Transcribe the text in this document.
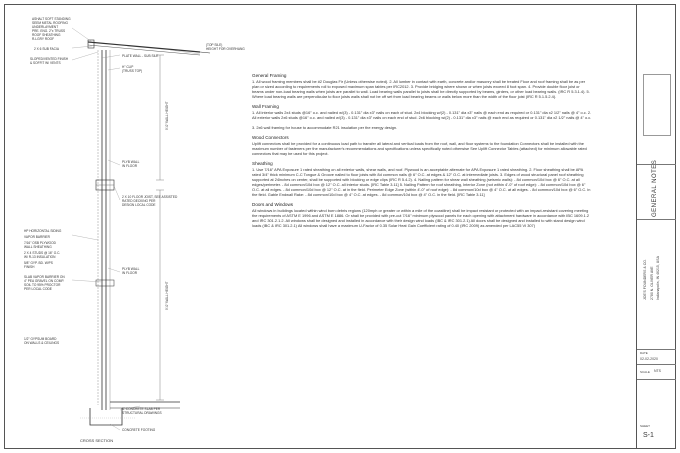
ASHALT SOFT STANDING
SEEM METAL ROOFING
UNDERLAYMENT
PRE. ENG. 2"x TRUSS
ROOF SHEATHING
R-LGRY ROOF
2 X 6 SUB FACIA
SLOPED/VENTED FINISH
& SOFFIT W/ VENTS
PLATE WALL - SUB SILE
H" CLIP
(TRUSS TOP)
(TOP SILE)
HEIGHT FOR OVERHANG
9'-0" WALL HEIGHT
9'-0" WALL HEIGHT
PLYB WALL
IN FLOOR
2 X 10 FLOOR JOIST, SEE ASSISTED
RATED DECKING PER
DESIGN LOCAL CODE
HP HORIZONTAL SIDING
VAPOR BARRIER
7/16" OSB PLYWOOD
WALL SHEATHING
2 X 4 STUDS @ 16" O.C.
W/ R-13 INSULATION
5/8" GYP. BD. W/PS
FINISH	PLYB WALL
IN FLOOR
SLAB VAPOR BARRIER ON
4" PEA GRAVEL ON COMP.
SOIL TO 95% PROCTOR
PER LOCAL CODE
1/2" GYPSUM BOARD
ON WALLS & CEILINGS
8" CONCRETE SLAB PER
STRUCTURAL DRAWINGS
CONCRETE FOOTING
CROSS SECTION
General Framing

1. All wood framing members shall be #2 Douglas Fir (Unless otherwise noted). 2. All lumber in contact with earth, concrete and/or masonry shall be treated Floor and roof framing shall be as per plan or sized according to requirements roll to exposed maximum span tables per IRC2012. 3. Provide bridging where shown or when joists exceed 8 foot span. 4. Provide double floor joist or beams under non-load bearing walls when joists are parallel to wall. Load bearing walls parallel to joists shall be directly supported by beams, girders, or other load bearing walls. (IRC R 5.3.1.4). 5. Where load bearing walls are perpendicular to floor joists walls shall not be off set from load bearing beams or walls below more than the width of the floor joist (IRC R 5.1.5.2.4).

Wall Framing

1. All interior walls 2x4 studs @16" o.c. and nailed w/(3) - 0.131" dia x3" nails on each of stud. 2x4 blocking w/(2) - 0.131" dia x3" nails @ each end as required or 0.131" dia x2 1/2" nails @ 4" o.c. 2. All exterior walls 2x6 studs @16" o.c. and nailed w/(3) - 0.131" dia x3" nails on each end of stud. 2x6 blocking w/(2) - 0.131" dia x3" nails @ each end as required or 0.131" dia x2 1/2" nails @ 4" o.c.

3. 2x6 wall framing for house to accommodate R21 insulation per the energy design.

Wood Connectors

Uplift connectors shall be provided for a continuous load path to transfer all lateral and vertical loads from the roof, wall, and floor systems to the foundation Connectors shall be installed with the maximum number of fasteners per the manufacturer's recommendations and specifications unless specifically noted otherwise See Uplift Connector Tables (attached) for minimum allowable rated connectors that may be used for this project.

Sheathing

1. Use 7/16" APA Exposure 1 rated sheathing on all exterior walls, shear walls, and roof. Plywood is an acceptable alternate for APA Exposure 1 rated sheathing. 2. Floor sheathing shall be APA rated 3/4" thick minimum C-C Tongue & Groove nailed to floor joists with 8d common nails @ 6" O.C. at edges & 12" O.C. at intermediate joists. 3. Edges of wood structural panel roof sheathing supported at 24inches on center, shall be supported with blocking or edge clips (IRC R 5.4.2). 4. Nailing pattern for shear wall sheathing (seismic walls): - 8d common/10d box @ 6" O.C. at all edges/perimeter. - 8d common/10d box @ 12" O.C. all interior studs. [IRC Table 3.11] 5. Nailing Pattern for roof sheathing, Interior Zone (not within 4'-0" of roof edge): - 8d common/10d box @ 6" O.C. at all edges. - 8d common/10d box @ 12" O.C. at in the field. Perimeter Edge Zone (within 4'-0" of roof edge): - 8d common/10d box @ 4" O.C. at all edges. - 8d common/10d box @ 6" O.C. in the field. Gable Endwall Rake: - 8d common/10d box @ 4" O.C. at edges. - 8d common/10d box @ 4" O.C. in the field. [IRC Table 3.11]

Doors and Windows

All windows in buildings located within wind born debris regions (120mph or greater or within a mile of the coastline) shall be impact resistant or protected with an impact-resistant covering meeting the requirements of ASTM E 1996 and ASTM E 1886. Or shall be provided with pre-cut 7/16" minimum plywood panels for each opening with attachment hardware in accordance with IBC 1609.1.2 and IRC 301.2.1.2. All windows shall be designed and installed in accordance with their design wind loads (IBC & IRC 301.2.1) All doors shall be designed and installed to with stand design wind loads (IBC & IRC 301.2.1) All windows shall have a maximum U-Factor of 0.35 Solar Heat Gain Coefficient rating of 0.40 (IRC 2009) as amended per LAC55 VI 307)

GENERAL NOTES
JOE'S FOUNDERS & CO. 2780 N. OLIVER AVE Indianapolis, IN 46215, USA
DATE
02-02-2020
SCALE NTS
SHEET
S-1
